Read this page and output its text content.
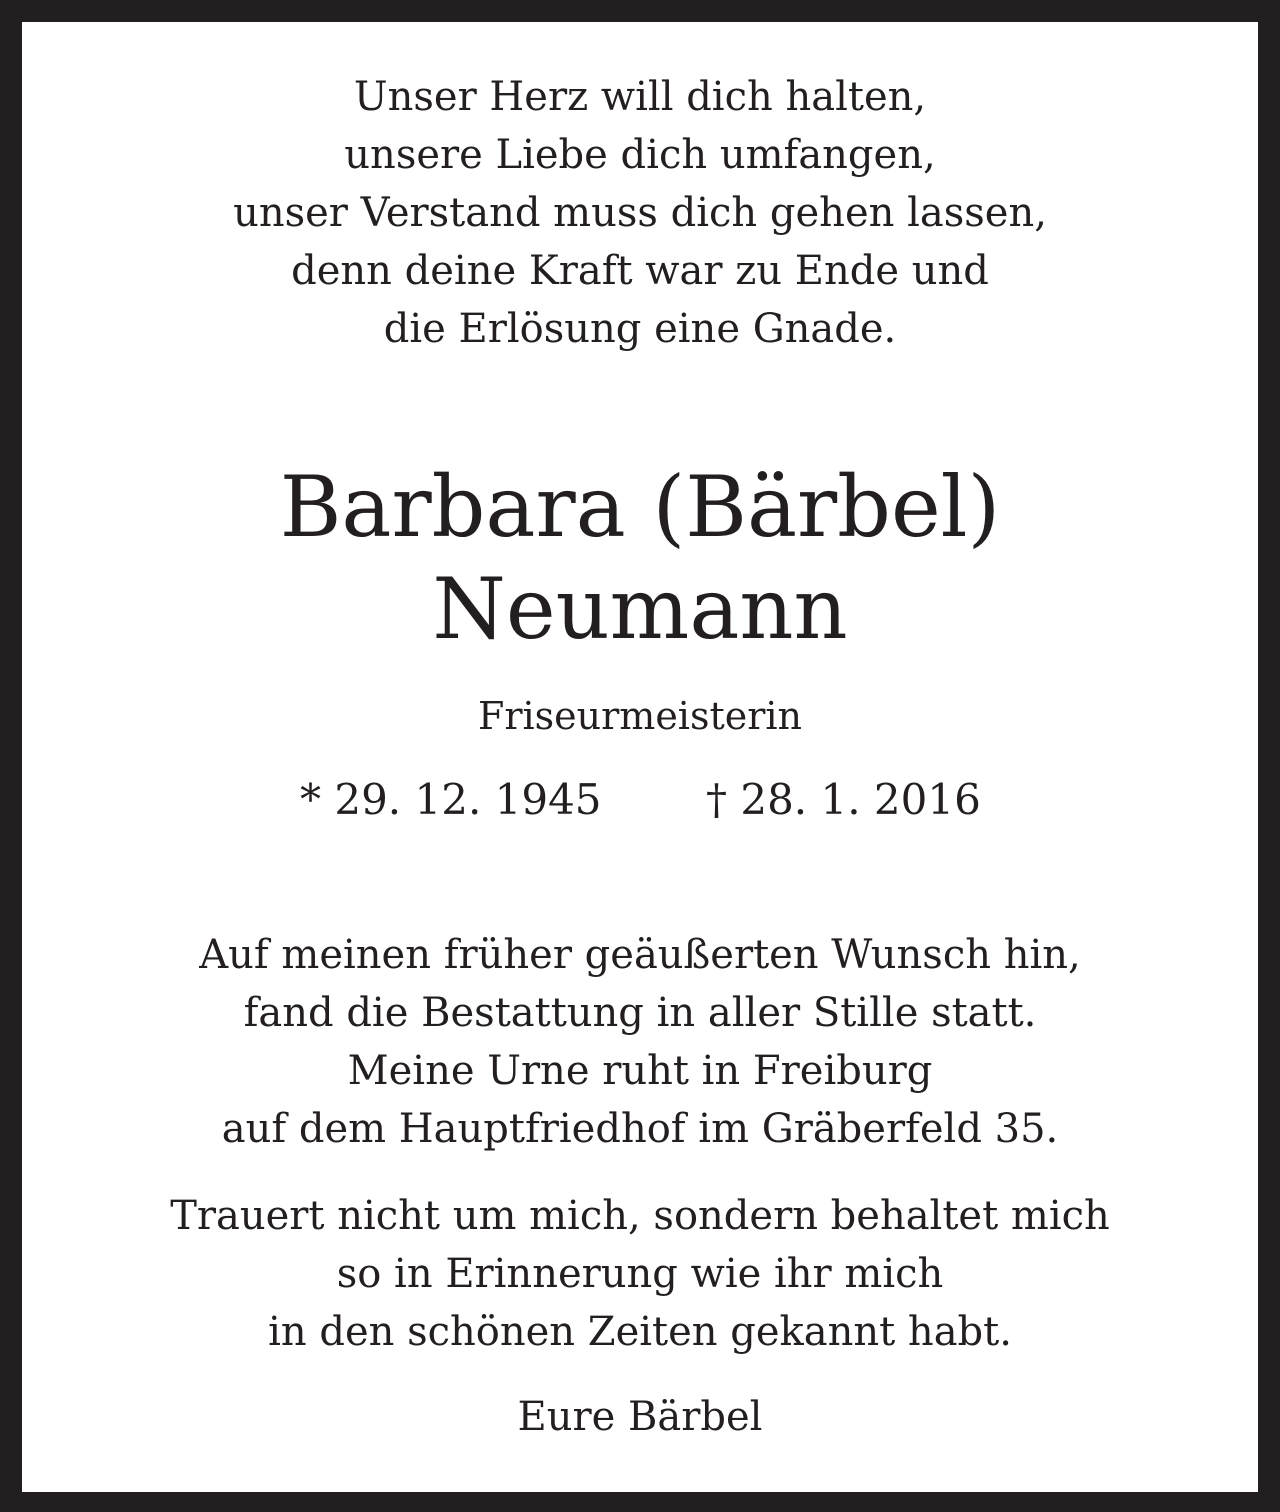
Unser Herz will dich halten,
unsere Liebe dich umfangen,
unser Verstand muss dich gehen lassen,
denn deine Kraft war zu Ende und
die Erlösung eine Gnade.
Barbara (Bärbel)
Neumann
Friseurmeisterin
* 29. 12. 1945 † 28. 1. 2016
Auf meinen früher geäußerten Wunsch hin,
fand die Bestattung in aller Stille statt.
Meine Urne ruht in Freiburg
auf dem Hauptfriedhof im Gräberfeld 35.
Trauert nicht um mich, sondern behaltet mich
so in Erinnerung wie ihr mich
in den schönen Zeiten gekannt habt.
Eure Bärbel
